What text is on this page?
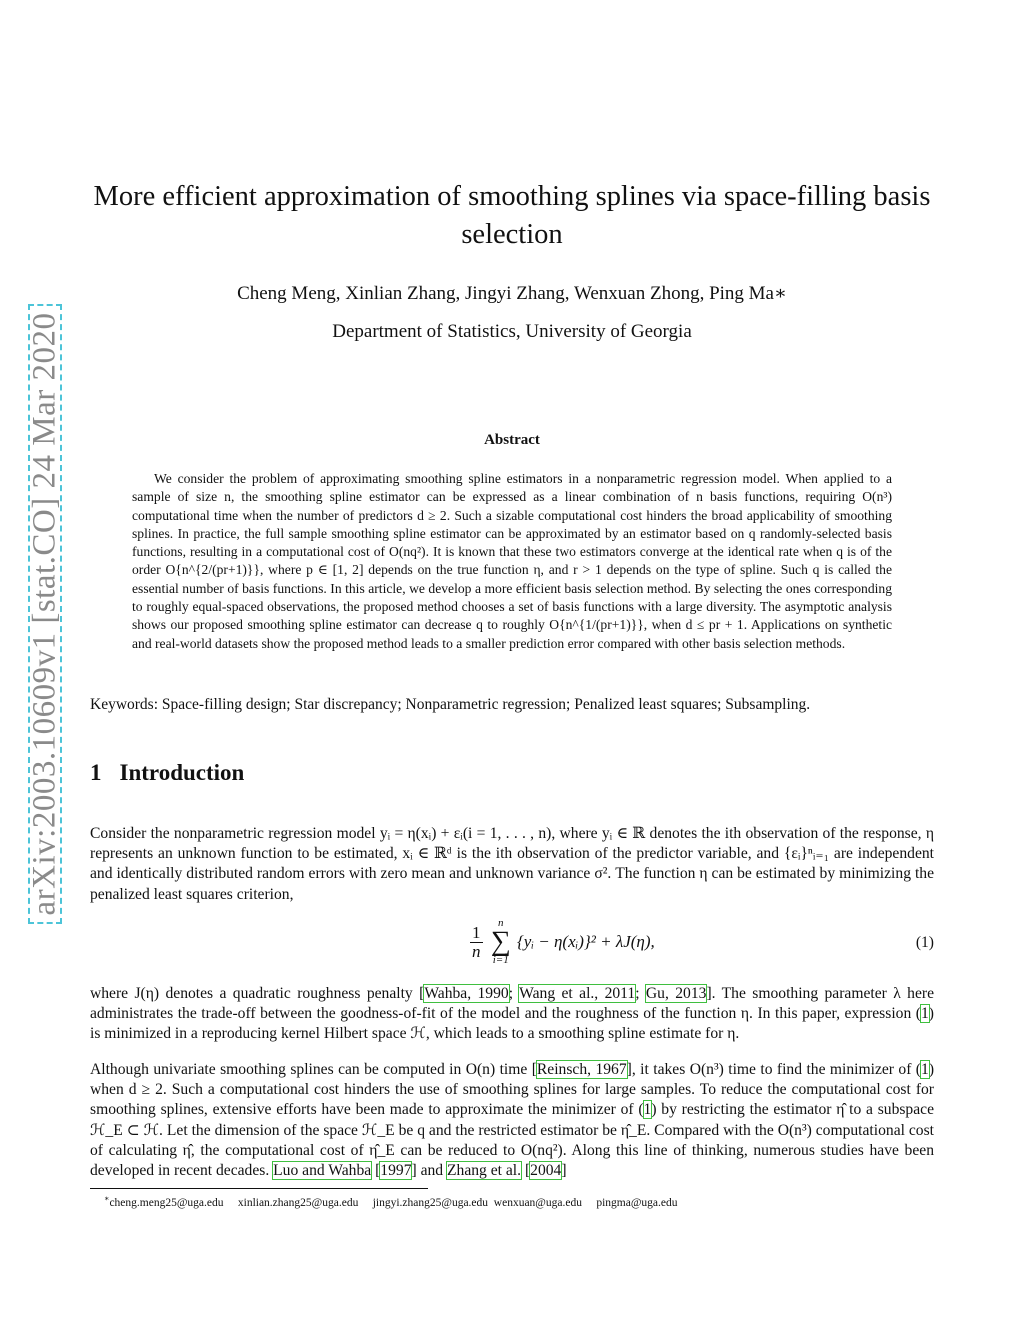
arXiv:2003.10609v1 [stat.CO] 24 Mar 2020
More efficient approximation of smoothing splines via space-filling basis selection
Cheng Meng, Xinlian Zhang, Jingyi Zhang, Wenxuan Zhong, Ping Ma∗
Department of Statistics, University of Georgia
Abstract

We consider the problem of approximating smoothing spline estimators in a nonparametric regression model. When applied to a sample of size n, the smoothing spline estimator can be expressed as a linear combination of n basis functions, requiring O(n³) computational time when the number of predictors d ≥ 2. Such a sizable computational cost hinders the broad applicability of smoothing splines. In practice, the full sample smoothing spline estimator can be approximated by an estimator based on q randomly-selected basis functions, resulting in a computational cost of O(nq²). It is known that these two estimators converge at the identical rate when q is of the order O{n^{2/(pr+1)}}, where p ∈ [1, 2] depends on the true function η, and r > 1 depends on the type of spline. Such q is called the essential number of basis functions. In this article, we develop a more efficient basis selection method. By selecting the ones corresponding to roughly equal-spaced observations, the proposed method chooses a set of basis functions with a large diversity. The asymptotic analysis shows our proposed smoothing spline estimator can decrease q to roughly O{n^{1/(pr+1)}}, when d ≤ pr + 1. Applications on synthetic and real-world datasets show the proposed method leads to a smaller prediction error compared with other basis selection methods.

Keywords: Space-filling design; Star discrepancy; Nonparametric regression; Penalized least squares; Subsampling.

1 Introduction

Consider the nonparametric regression model yᵢ = η(xᵢ) + εᵢ(i = 1, . . . , n), where yᵢ ∈ ℝ denotes the ith observation of the response, η represents an unknown function to be estimated, xᵢ ∈ ℝᵈ is the ith observation of the predictor variable, and {εᵢ}ⁿᵢ₌₁ are independent and identically distributed random errors with zero mean and unknown variance σ². The function η can be estimated by minimizing the penalized least squares criterion,

$\frac{1}{n}$

n
∑
i=1
{yᵢ − η(xᵢ)}² + λJ(η),	(1)

where J(η) denotes a quadratic roughness penalty [Wahba, 1990; Wang et al., 2011; Gu, 2013]. The smoothing parameter λ here administrates the trade-off between the goodness-of-fit of the model and the roughness of the function η. In this paper, expression (1) is minimized in a reproducing kernel Hilbert space ℋ, which leads to a smoothing spline estimate for η.

Although univariate smoothing splines can be computed in O(n) time [Reinsch, 1967], it takes O(n³) time to find the minimizer of (1) when d ≥ 2. Such a computational cost hinders the use of smoothing splines for large samples. To reduce the computational cost for smoothing splines, extensive efforts have been made to approximate the minimizer of (1) by restricting the estimator η̂ to a subspace ℋ_E ⊂ ℋ. Let the dimension of the space ℋ_E be q and the restricted estimator be η̂_E. Compared with the O(n³) computational cost of calculating η̂, the computational cost of η̂_E can be reduced to O(nq²). Along this line of thinking, numerous studies have been developed in recent decades. Luo and Wahba [1997] and Zhang et al. [2004]

∗cheng.meng25@uga.edu     xinlian.zhang25@uga.edu     jingyi.zhang25@uga.edu  wenxuan@uga.edu     pingma@uga.edu
